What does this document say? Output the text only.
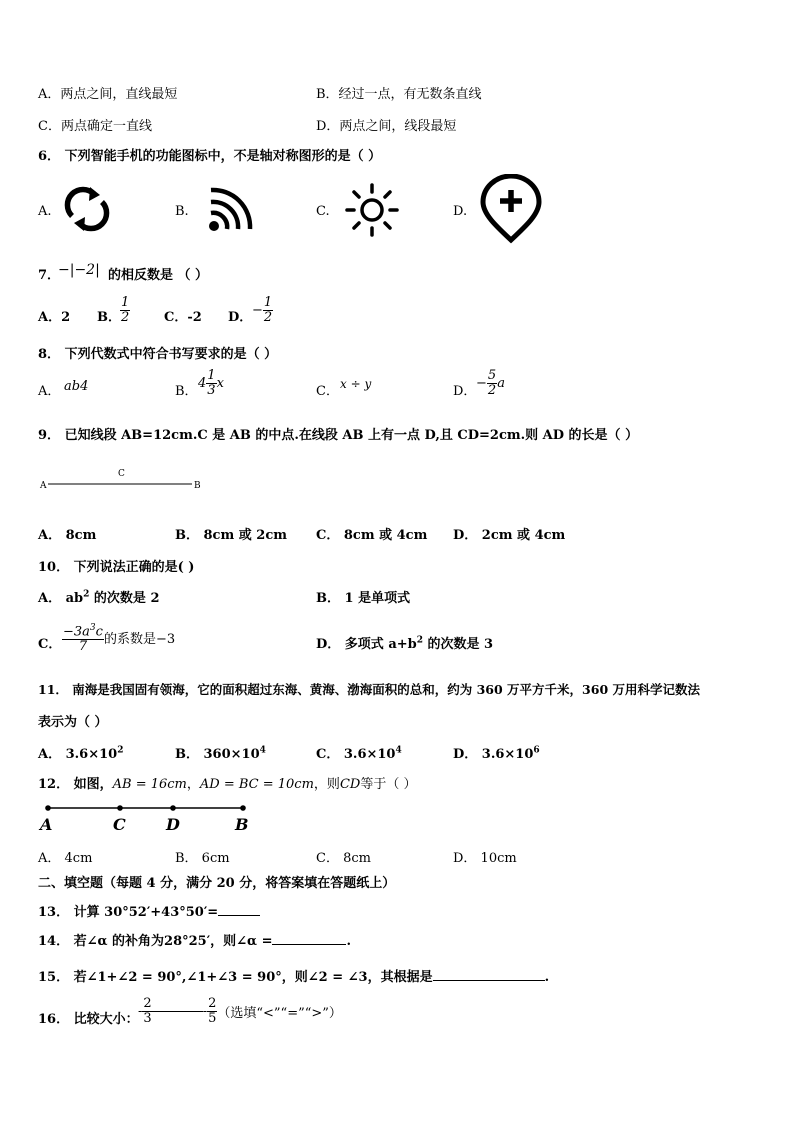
A．两点之间，直线最短	B．经过一点，有无数条直线
C．两点确定一直线	D．两点之间，线段最短
6． 下列智能手机的功能图标中，不是轴对称图形的是（ ）
A.	B.	C.	D.
7．
−|−2| 的相反数是 （ ）
A．2 B． $\frac{1}{2}$	C．-2 D． − $\frac{1}{2}$
8． 下列代数式中符合书写要求的是（ ）
A． ab4	B．
$4 \frac{1}{3}$ x
C． x ÷ y	D．
− $\frac{5}{2}$ a
9． 已知线段 AB=12cm.C 是 AB 的中点.在线段 AB 上有一点 D,且 CD=2cm.则 AD 的长是（ ）
A
C
B
A． 8cm	B． 8cm 或 2cm C． 8cm 或 4cm D． 2cm 或 4cm
10． 下列说法正确的是( )
A． $ab^2$ 的次数是 2	B． 1 是单项式
C． $\frac{-3a^3c}{7}$ 的系数是−3	D． 多项式 $a+b^2$ 的次数是 3
11． 南海是我国固有领海，它的面积超过东海、黄海、渤海面积的总和，约为 360 万平方千米，360 万用科学记数法
表示为（ ）
A． $3.6\times 10^2$	B． $360\times 10^4$	C． $3.6\times 10^4$	D． $3.6\times 10^6$
12． 如图，AB = 16cm，AD = BC = 10cm，则CD等于（ ）
A	C	D	B
A． 4cm	B． 6cm	C． 8cm	D． 10cm
二、填空题（每题 4 分，满分 20 分，将答案填在答题纸上）
13． 计算 30°52′+43°50′=
14． 若∠α 的补角为28°25′，则∠α =	.
15． 若∠1+∠2 = 90°,∠1+∠3 = 90°，则∠2 = ∠3，其根据是	.
16． 比较大小：
- $\frac{2}{3}$	- $\frac{2}{5}$ （选填“<”“=”“>”）
